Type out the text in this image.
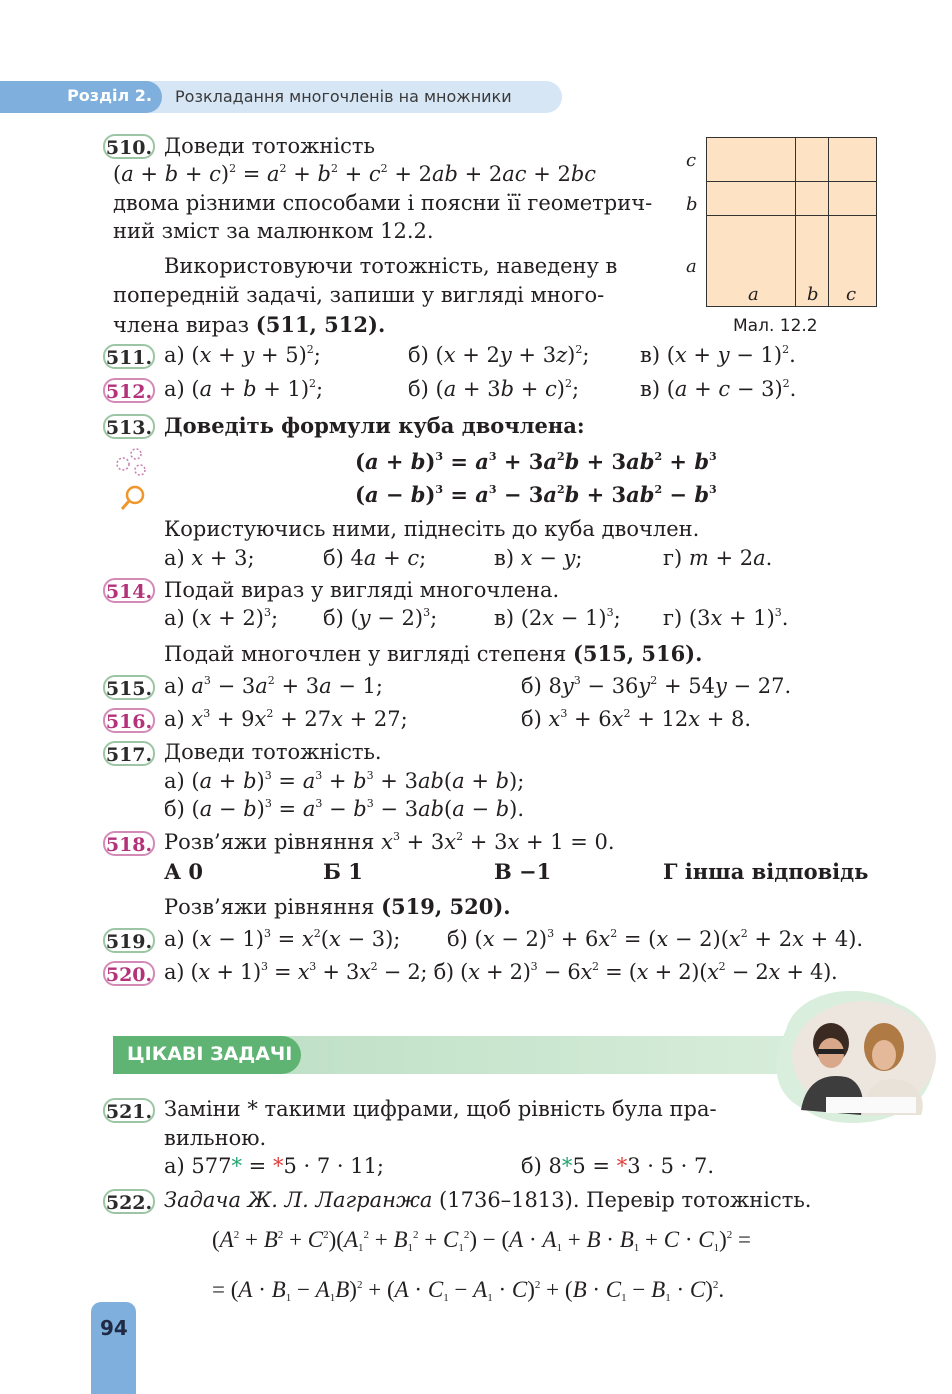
Розділ 2. Розкладання многочленів на множники
510. Доведи тотожність
$(a + b + c)^2 = a^2 + b^2 + c^2 + 2ab + 2ac + 2bc$
двома різними способами і поясни її геометрич-
ний зміст за малюнком 12.2.
c
b
a
a	b c
Мал. 12.2
Використовуючи тотожність, наведену в
попередній задачі, запиши у вигляді много-
члена вираз (511, 512).
511. а) $(x + y + 5)^2$;	б) $(x + 2y + 3z)^2$; в) $(x + y - 1)^2$.
512. а) $(a + b + 1)^2$;	б) $(a + 3b + c)^2$;	в) $(a + c - 3)^2$.
513. Доведіть формули куба двочлена:
$(a + b)^3 = a^3 + 3a^2b + 3ab^2 + b^3$
$(a - b)^3 = a^3 - 3a^2b + 3ab^2 - b^3$
Користуючись ними, піднесіть до куба двочлен.
а) x + 3;	б) 4a + c;	в) x − y;	г) m + 2a.
514. Подай вираз у вигляді многочлена.
а) $(x + 2)^3$; б) $(y - 2)^3$;	в) $(2x - 1)^3$; г) $(3x + 1)^3$.
Подай многочлен у вигляді степеня (515, 516).
515. а) $a^3 - 3a^2 + 3a - 1$;	б) $8y^3 - 36y^2 + 54y - 27$.
516. а) $x^3 + 9x^2 + 27x + 27$;	б) $x^3 + 6x^2 + 12x + 8$.
517. Доведи тотожність.
а) $(a + b)^3 = a^3 + b^3 + 3ab(a + b)$;
б) $(a - b)^3 = a^3 - b^3 - 3ab(a - b)$.
518. Розв’яжи рівняння $x^3 + 3x^2 + 3x + 1 = 0$.
А 0	Б 1	В −1	Г інша відповідь
Розв’яжи рівняння (519, 520).
519. а) $(x - 1)^3 = x^2(x - 3)$; б) $(x - 2)^3 + 6x^2 = (x - 2)(x^2 + 2x + 4)$.
520. а) $(x + 1)^3 = x^3 + 3x^2 - 2$; б) $(x + 2)^3 - 6x^2 = (x + 2)(x^2 - 2x + 4)$.
ЦІКАВІ ЗАДАЧІ
521. Заміни * такими цифрами, щоб рівність була пра-
вильною.
а) 577* = *5 · 7 · 11;	б) 8*5 = *3 · 5 · 7.
522. Задача Ж. Л. Лагранжа (1736–1813). Перевір тотожність.
$(A^2 + B^2 + C^2)(A_1^2 + B_1^2 + C_1^2) - (A \cdot A_1 + B \cdot B_1 + C \cdot C_1)^2$ =
= $(A \cdot B_1 - A_1B)^2 + (A \cdot C_1 - A_1 \cdot C)^2 + (B \cdot C_1 - B_1 \cdot C)^2$.
94
